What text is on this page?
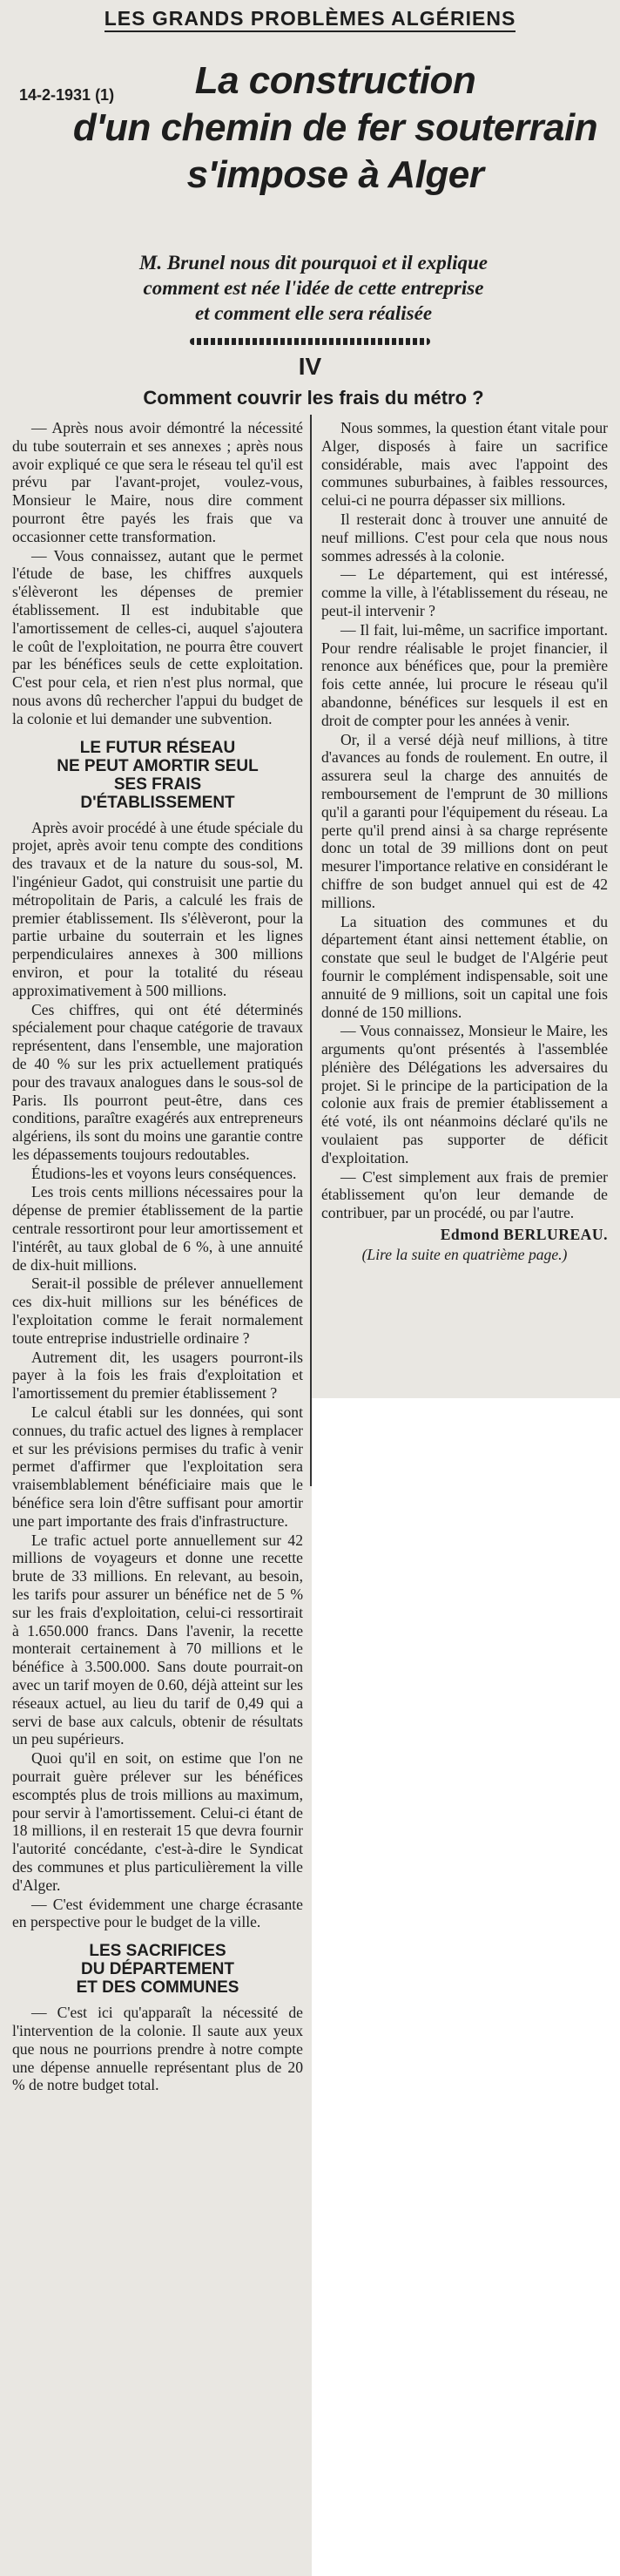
LES GRANDS PROBLÈMES ALGÉRIENS
14-2-1931 (1)	La construction
d'un chemin de fer souterrain
s'impose à Alger
M. Brunel nous dit pourquoi et il explique
comment est née l'idée de cette entreprise
et comment elle sera réalisée
IV
Comment couvrir les frais du métro ?

— Après nous avoir démontré la nécessité du tube souterrain et ses annexes ; après nous avoir expliqué ce que sera le réseau tel qu'il est prévu par l'avant-projet, voulez-vous, Monsieur le Maire, nous dire comment pourront être payés les frais que va occasionner cette transformation.

— Vous connaissez, autant que le permet l'étude de base, les chiffres auxquels s'élèveront les dépenses de premier établissement. Il est indubitable que l'amortissement de celles-ci, auquel s'ajoutera le coût de l'exploitation, ne pourra être couvert par les bénéfices seuls de cette exploitation. C'est pour cela, et rien n'est plus normal, que nous avons dû rechercher l'appui du budget de la colonie et lui demander une subvention.

LE FUTUR RÉSEAU
NE PEUT AMORTIR SEUL
SES FRAIS
D'ÉTABLISSEMENT

Après avoir procédé à une étude spéciale du projet, après avoir tenu compte des conditions des travaux et de la nature du sous-sol, M. l'ingénieur Gadot, qui construisit une partie du métropolitain de Paris, a calculé les frais de premier établissement. Ils s'élèveront, pour la partie urbaine du souterrain et les lignes perpendiculaires annexes à 300 millions environ, et pour la totalité du réseau approximativement à 500 millions.

Ces chiffres, qui ont été déterminés spécialement pour chaque catégorie de travaux représentent, dans l'ensemble, une majoration de 40 % sur les prix actuellement pratiqués pour des travaux analogues dans le sous-sol de Paris. Ils pourront peut-être, dans ces conditions, paraître exagérés aux entrepreneurs algériens, ils sont du moins une garantie contre les dépassements toujours redoutables.

Étudions-les et voyons leurs conséquences.

Les trois cents millions nécessaires pour la dépense de premier établissement de la partie centrale ressortiront pour leur amortissement et l'intérêt, au taux global de 6 %, à une annuité de dix-huit millions.

Serait-il possible de prélever annuellement ces dix-huit millions sur les bénéfices de l'exploitation comme le ferait normalement toute entreprise industrielle ordinaire ?

Autrement dit, les usagers pourront-ils payer à la fois les frais d'exploitation et l'amortissement du premier établissement ?

Le calcul établi sur les données, qui sont connues, du trafic actuel des lignes à remplacer et sur les prévisions permises du trafic à venir permet d'affirmer que l'exploitation sera vraisemblablement bénéficiaire mais que le bénéfice sera loin d'être suffisant pour amortir une part importante des frais d'infrastructure.

Le trafic actuel porte annuellement sur 42 millions de voyageurs et donne une recette brute de 33 millions. En relevant, au besoin, les tarifs pour assurer un bénéfice net de 5 % sur les frais d'exploitation, celui-ci ressortirait à 1.650.000 francs. Dans l'avenir, la recette monterait certainement à 70 millions et le bénéfice à 3.500.000. Sans doute pourrait-on avec un tarif moyen de 0.60, déjà atteint sur les réseaux actuel, au lieu du tarif de 0,49 qui a servi de base aux calculs, obtenir de résultats un peu supérieurs.

Quoi qu'il en soit, on estime que l'on ne pourrait guère prélever sur les bénéfices escomptés plus de trois millions au maximum, pour servir à l'amortissement. Celui-ci étant de 18 millions, il en resterait 15 que devra fournir l'autorité concédante, c'est-à-dire le Syndicat des communes et plus particulièrement la ville d'Alger.

— C'est évidemment une charge écrasante en perspective pour le budget de la ville.

LES SACRIFICES
DU DÉPARTEMENT
ET DES COMMUNES

— C'est ici qu'apparaît la nécessité de l'intervention de la colonie. Il saute aux yeux que nous ne pourrions prendre à notre compte une dépense annuelle représentant plus de 20 % de notre budget total.

Nous sommes, la question étant vitale pour Alger, disposés à faire un sacrifice considérable, mais avec l'appoint des communes suburbaines, à faibles ressources, celui-ci ne pourra dépasser six millions.

Il resterait donc à trouver une annuité de neuf millions. C'est pour cela que nous nous sommes adressés à la colonie.

— Le département, qui est intéressé, comme la ville, à l'établissement du réseau, ne peut-il intervenir ?

— Il fait, lui-même, un sacrifice important. Pour rendre réalisable le projet financier, il renonce aux bénéfices que, pour la première fois cette année, lui procure le réseau qu'il abandonne, bénéfices sur lesquels il est en droit de compter pour les années à venir.

Or, il a versé déjà neuf millions, à titre d'avances au fonds de roulement. En outre, il assurera seul la charge des annuités de remboursement de l'emprunt de 30 millions qu'il a garanti pour l'équipement du réseau. La perte qu'il prend ainsi à sa charge représente donc un total de 39 millions dont on peut mesurer l'importance relative en considérant le chiffre de son budget annuel qui est de 42 millions.

La situation des communes et du département étant ainsi nettement établie, on constate que seul le budget de l'Algérie peut fournir le complément indispensable, soit une annuité de 9 millions, soit un capital une fois donné de 150 millions.

— Vous connaissez, Monsieur le Maire, les arguments qu'ont présentés à l'assemblée plénière des Délégations les adversaires du projet. Si le principe de la participation de la colonie aux frais de premier établissement a été voté, ils ont néanmoins déclaré qu'ils ne voulaient pas supporter de déficit d'exploitation.

— C'est simplement aux frais de premier établissement qu'on leur demande de contribuer, par un procédé, ou par l'autre.

Edmond BERLUREAU.
(Lire la suite en quatrième page.)
